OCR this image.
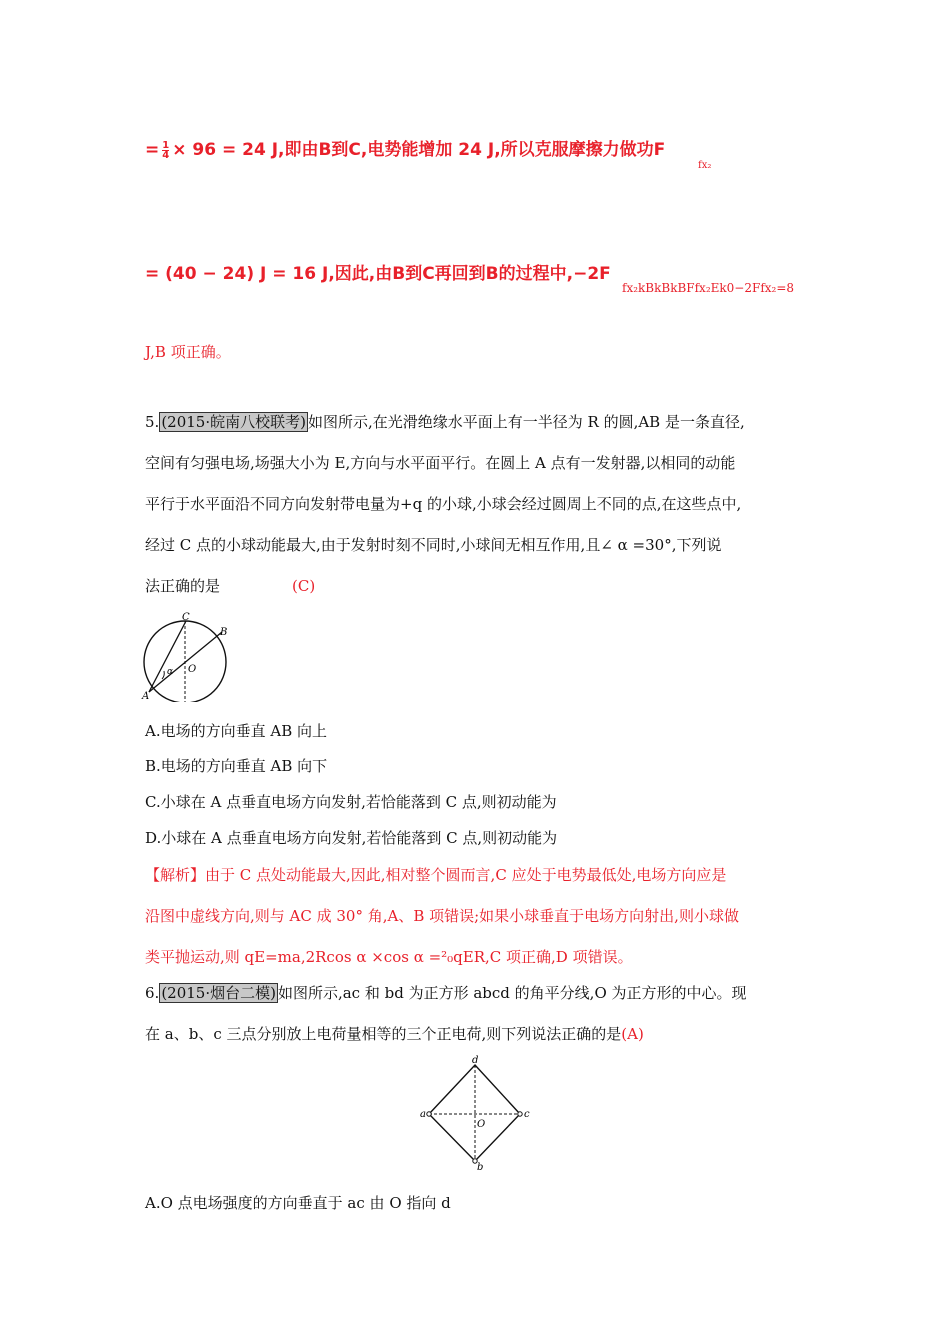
= $\frac{1}{4} \times 96 = 24$ J,即由B到C,电势能增加 24 J,所以克服摩擦力做功F
fx₂
= (40 − 24) J = 16 J,因此,由B到C再回到B的过程中,−2F
fx₂kBkBkBFfx₂Ek0−2Ffx₂=8
J,B 项正确。
5. (2015·皖南八校联考) 如图所示,在光滑绝缘水平面上有一半径为 R 的圆,AB 是一条直径,
空间有匀强电场,场强大小为 E,方向与水平面平行。在圆上 A 点有一发射器,以相同的动能
平行于水平面沿不同方向发射带电量为+q 的小球,小球会经过圆周上不同的点,在这些点中,
经过 C 点的小球动能最大,由于发射时刻不同时,小球间无相互作用,且∠ α =30°,下列说
法正确的是	(C)
C
B
A
O
α
A.电场的方向垂直 AB 向上
B.电场的方向垂直 AB 向下
C.小球在 A 点垂直电场方向发射,若恰能落到 C 点,则初动能为
D.小球在 A 点垂直电场方向发射,若恰能落到 C 点,则初动能为
【解析】由于 C 点处动能最大,因此,相对整个圆而言,C 应处于电势最低处,电场方向应是
沿图中虚线方向,则与 AC 成 30° 角,A、B 项错误;如果小球垂直于电场方向射出,则小球做
类平抛运动,则 qE=ma,2Rcos α ×cos α =²₀qER,C 项正确,D 项错误。
6. (2015·烟台二模) 如图所示,ac 和 bd 为正方形 abcd 的角平分线,O 为正方形的中心。现
在 a、b、c 三点分别放上电荷量相等的三个正电荷,则下列说法正确的是(A)
d
a	c
b
O
A.O 点电场强度的方向垂直于 ac 由 O 指向 d
